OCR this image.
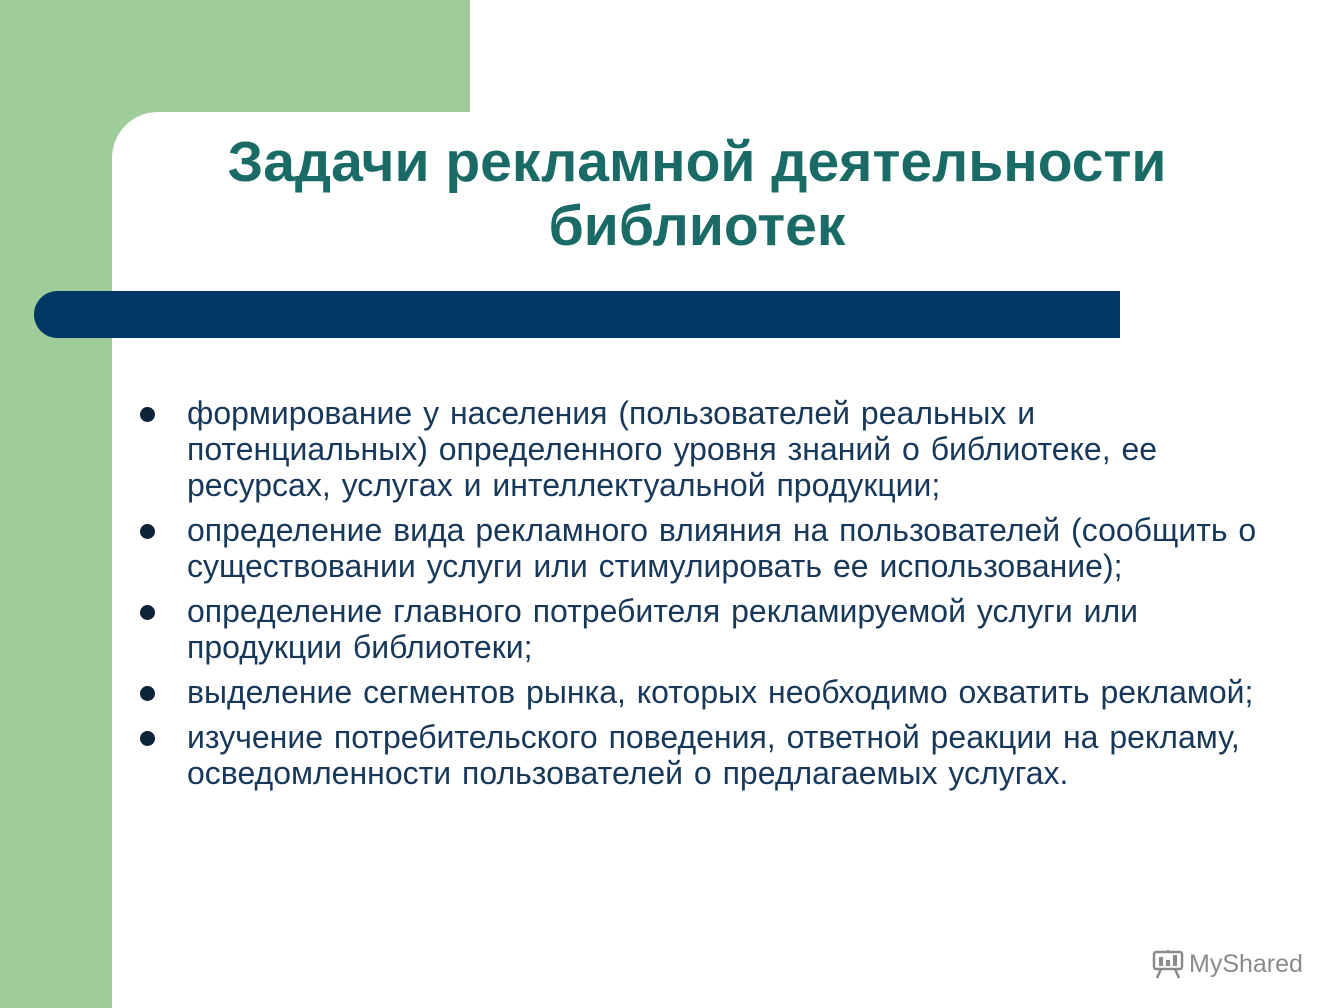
Задачи рекламной деятельности
библиотек
формирование у населения (пользователей реальных и потенциальных) определенного уровня знаний о библиотеке, ее ресурсах, услугах и интеллектуальной продукции;
определение вида рекламного влияния на пользователей (сообщить о существовании услуги или стимулировать ее использование);
определение главного потребителя рекламируемой услуги или продукции библиотеки;
выделение сегментов рынка, которых необходимо охватить рекламой;
изучение потребительского поведения, ответной реакции на рекламу, осведомленности пользователей о предлагаемых услугах.
MyShared
